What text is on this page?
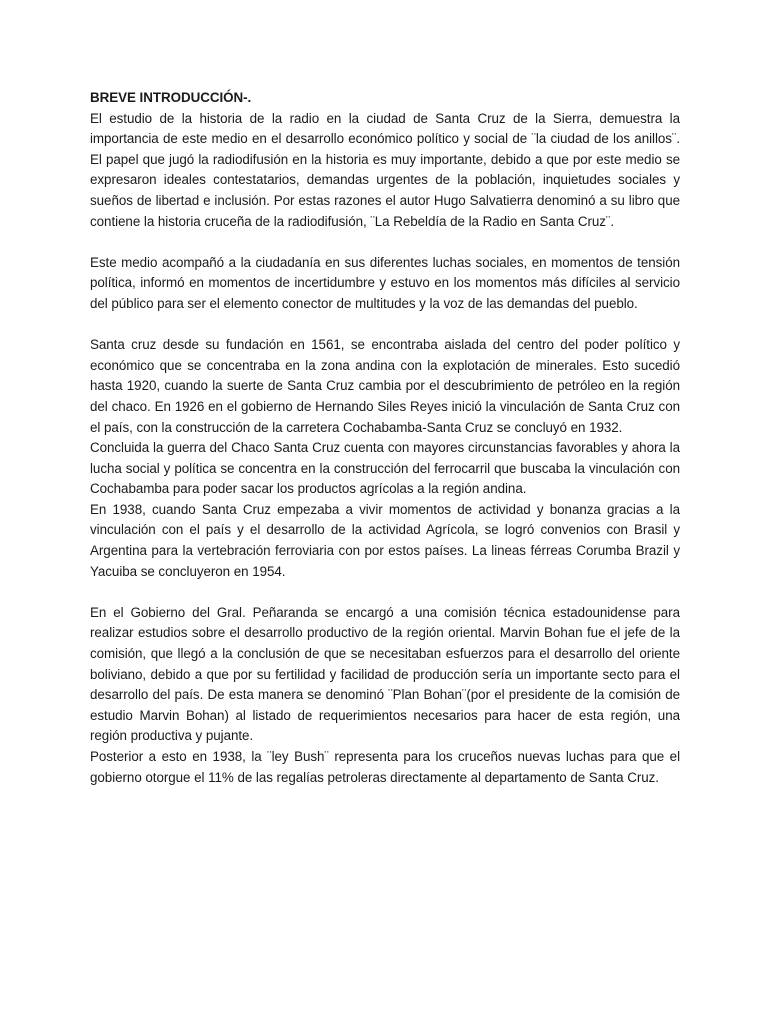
BREVE INTRODUCCIÓN-.

El estudio de la historia de la radio en la ciudad de Santa Cruz de la Sierra, demuestra la importancia de este medio en el desarrollo económico político y social de ¨la ciudad de los anillos¨. El papel que jugó la radiodifusión en la historia es muy importante, debido a que por este medio se expresaron ideales contestatarios, demandas urgentes de la población, inquietudes sociales y sueños de libertad e inclusión. Por estas razones el autor Hugo Salvatierra denominó a su libro que contiene la historia cruceña de la radiodifusión, ¨La Rebeldía de la Radio en Santa Cruz¨.

Este medio acompañó a la ciudadanía en sus diferentes luchas sociales, en momentos de tensión política, informó en momentos de incertidumbre y estuvo en los momentos más difíciles al servicio del público para ser el elemento conector de multitudes y la voz de las demandas del pueblo.

Santa cruz desde su fundación en 1561, se encontraba aislada del centro del poder político y económico que se concentraba en la zona andina con la explotación de minerales. Esto sucedió hasta 1920, cuando la suerte de Santa Cruz cambia por el descubrimiento de petróleo en la región del chaco. En 1926 en el gobierno de Hernando Siles Reyes inició la vinculación de Santa Cruz con el país, con la construcción de la carretera Cochabamba-Santa Cruz se concluyó en 1932.

Concluida la guerra del Chaco Santa Cruz cuenta con mayores circunstancias favorables y ahora la lucha social y política se concentra en la construcción del ferrocarril que buscaba la vinculación con Cochabamba para poder sacar los productos agrícolas a la región andina.

En 1938, cuando Santa Cruz empezaba a vivir momentos de actividad y bonanza gracias a la vinculación con el país y el desarrollo de la actividad Agrícola, se logró convenios con Brasil y Argentina para la vertebración ferroviaria con por estos países. La lineas férreas Corumba Brazil y Yacuiba se concluyeron en 1954.

En el Gobierno del Gral. Peñaranda se encargó a una comisión técnica estadounidense para realizar estudios sobre el desarrollo productivo de la región oriental. Marvin Bohan fue el jefe de la comisión, que llegó a la conclusión de que se necesitaban esfuerzos para el desarrollo del oriente boliviano, debido a que por su fertilidad y facilidad de producción sería un importante secto para el desarrollo del país. De esta manera se denominó ¨Plan Bohan¨(por el presidente de la comisión de estudio Marvin Bohan) al listado de requerimientos necesarios para hacer de esta región, una región productiva y pujante.

Posterior a esto en 1938, la ¨ley Bush¨ representa para los cruceños nuevas luchas para que el gobierno otorgue el 11% de las regalías petroleras directamente al departamento de Santa Cruz.
